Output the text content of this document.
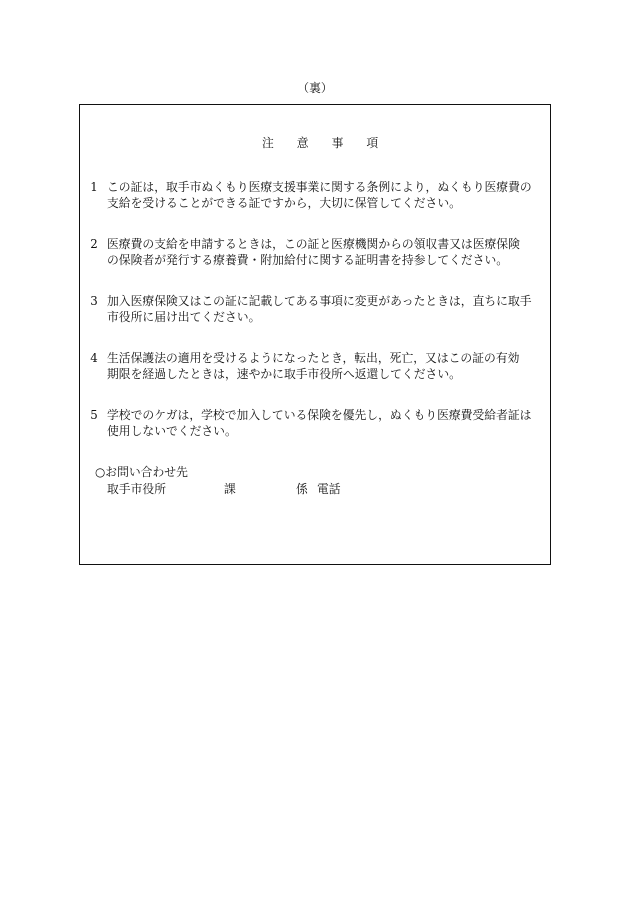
（裏）
注意事項
1 この証は，取手市ぬくもり医療支援事業に関する条例により，ぬくもり医療費の
支給を受けることができる証ですから，大切に保管してください。
2 医療費の支給を申請するときは，この証と医療機関からの領収書又は医療保険
の保険者が発行する療養費・附加給付に関する証明書を持参してください。
3 加入医療保険又はこの証に記載してある事項に変更があったときは，直ちに取手
市役所に届け出てください。
4 生活保護法の適用を受けるようになったとき，転出，死亡，又はこの証の有効
期限を経過したときは，速やかに取手市役所へ返還してください。
5 学校でのケガは，学校で加入している保険を優先し，ぬくもり医療費受給者証は
使用しないでください。
○お問い合わせ先
取手市役所	課	係 電話
